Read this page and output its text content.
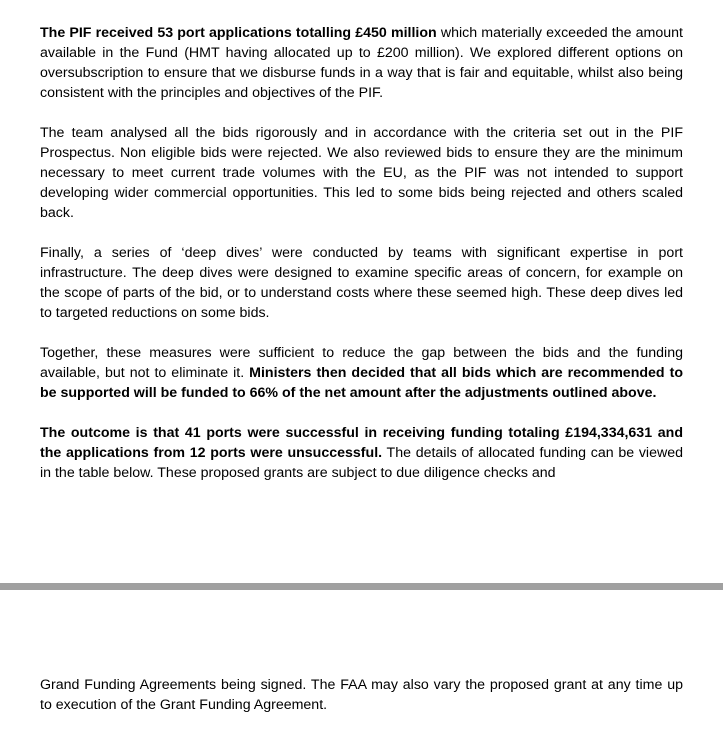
The PIF received 53 port applications totalling £450 million which materially exceeded the amount available in the Fund (HMT having allocated up to £200 million). We explored different options on oversubscription to ensure that we disburse funds in a way that is fair and equitable, whilst also being consistent with the principles and objectives of the PIF.

The team analysed all the bids rigorously and in accordance with the criteria set out in the PIF Prospectus. Non eligible bids were rejected. We also reviewed bids to ensure they are the minimum necessary to meet current trade volumes with the EU, as the PIF was not intended to support developing wider commercial opportunities. This led to some bids being rejected and others scaled back.

Finally, a series of ‘deep dives’ were conducted by teams with significant expertise in port infrastructure. The deep dives were designed to examine specific areas of concern, for example on the scope of parts of the bid, or to understand costs where these seemed high. These deep dives led to targeted reductions on some bids.

Together, these measures were sufficient to reduce the gap between the bids and the funding available, but not to eliminate it. Ministers then decided that all bids which are recommended to be supported will be funded to 66% of the net amount after the adjustments outlined above.

The outcome is that 41 ports were successful in receiving funding totaling £194,334,631 and the applications from 12 ports were unsuccessful. The details of allocated funding can be viewed in the table below. These proposed grants are subject to due diligence checks and

Grand Funding Agreements being signed. The FAA may also vary the proposed grant at any time up to execution of the Grant Funding Agreement.
